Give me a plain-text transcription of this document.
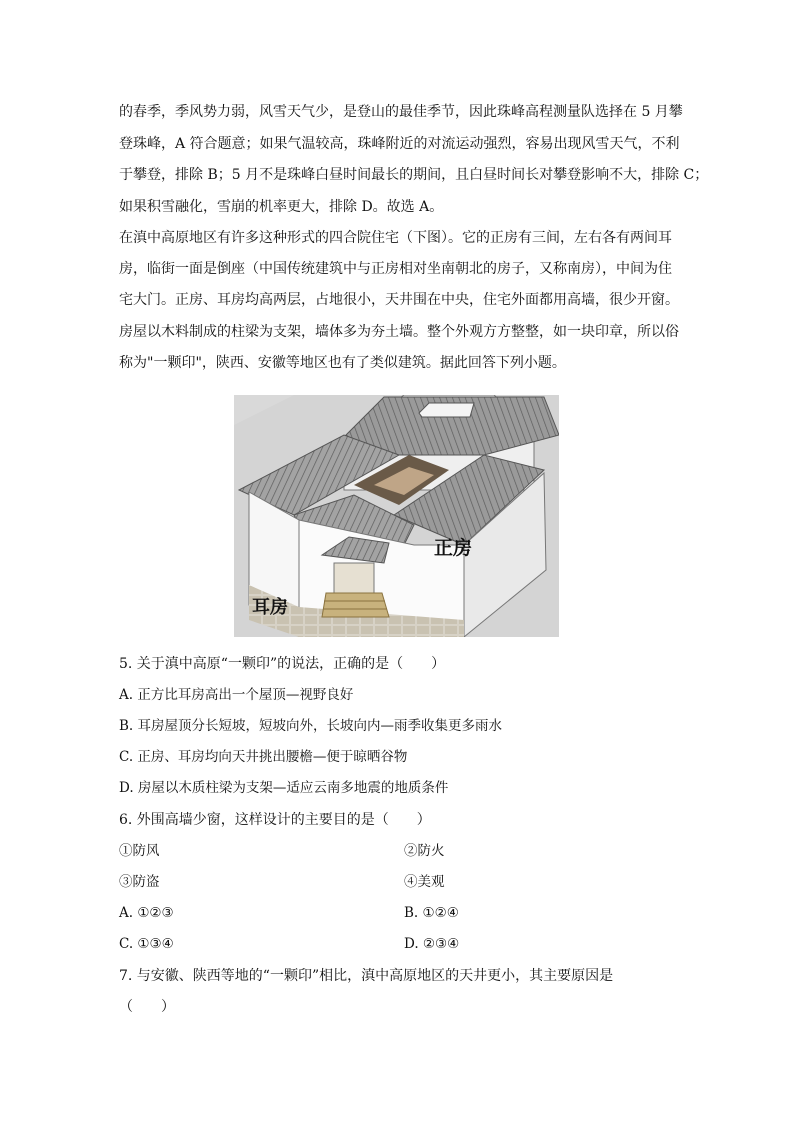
的春季，季风势力弱，风雪天气少，是登山的最佳季节，因此珠峰高程测量队选择在 5 月攀
登珠峰，A 符合题意；如果气温较高，珠峰附近的对流运动强烈，容易出现风雪天气，不利
于攀登，排除 B；5 月不是珠峰白昼时间最长的期间，且白昼时间长对攀登影响不大，排除 C；
如果积雪融化，雪崩的机率更大，排除 D。故选 A。
在滇中高原地区有许多这种形式的四合院住宅（下图）。它的正房有三间，左右各有两间耳
房，临街一面是倒座（中国传统建筑中与正房相对坐南朝北的房子，又称南房），中间为住
宅大门。正房、耳房均高两层，占地很小，天井围在中央，住宅外面都用高墙，很少开窗。
房屋以木料制成的柱梁为支架，墙体多为夯土墙。整个外观方方整整，如一块印章，所以俗
称为"一颗印"，陕西、安徽等地区也有了类似建筑。据此回答下列小题。
正房
耳房
5. 关于滇中高原“一颗印”的说法，正确的是（　　）
A. 正方比耳房高出一个屋顶—视野良好
B. 耳房屋顶分长短坡，短坡向外，长坡向内—雨季收集更多雨水
C. 正房、耳房均向天井挑出腰檐—便于晾晒谷物
D. 房屋以木质柱梁为支架—适应云南多地震的地质条件
6. 外围高墙少窗，这样设计的主要目的是（　　）
①防风	②防火
③防盗	④美观
A. ①②③	B. ①②④
C. ①③④	D. ②③④
7. 与安徽、陕西等地的“一颗印”相比，滇中高原地区的天井更小，其主要原因是
（　　）
